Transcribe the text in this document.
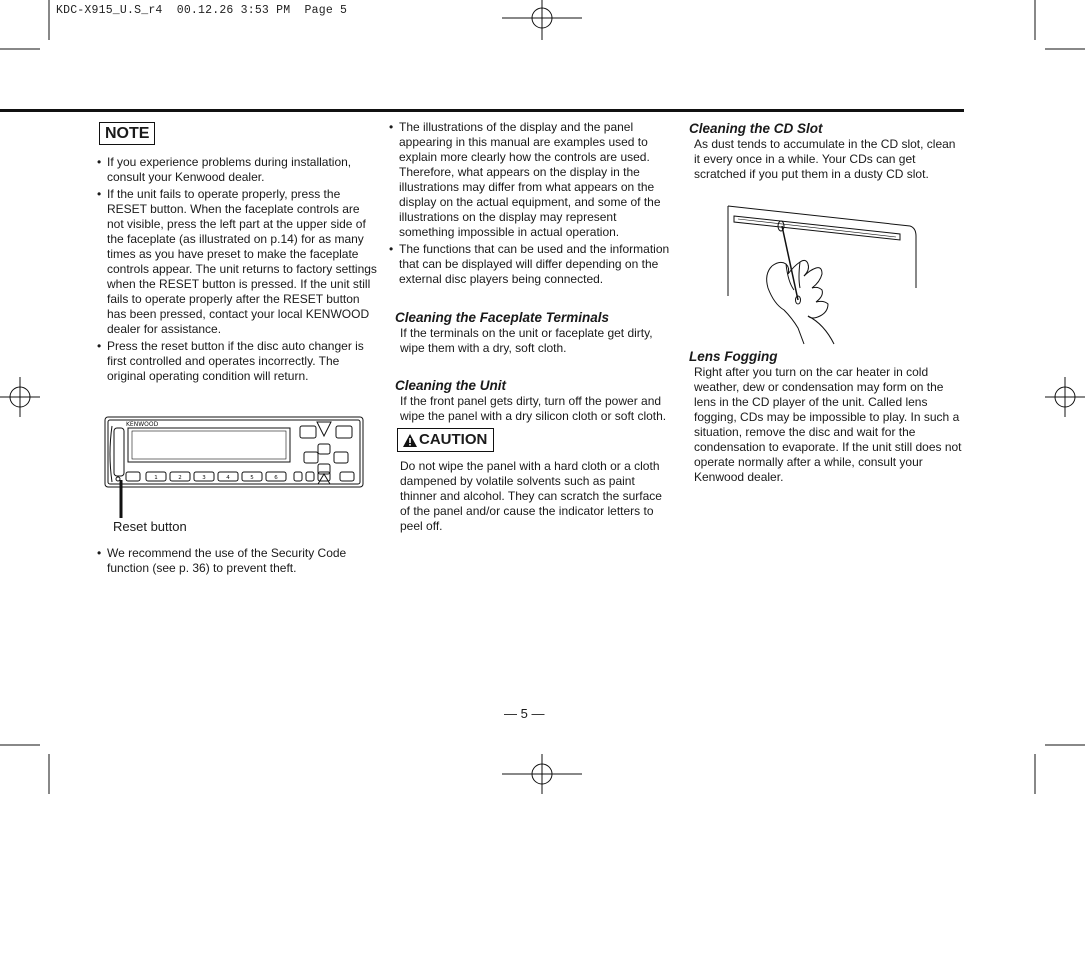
KDC-X915_U.S_r4  00.12.26 3:53 PM  Page 5
NOTE
• If you experience problems during installation, consult your Kenwood dealer.
• If the unit fails to operate properly, press the RESET button. When the faceplate controls are not visible, press the left part at the upper side of the faceplate (as illustrated on p.14) for as many times as you have preset to make the faceplate controls appear. The unit returns to factory settings when the RESET button is pressed. If the unit still fails to operate properly after the RESET button has been pressed, contact your local KENWOOD dealer for assistance.
• Press the reset button if the disc auto changer is first controlled and operates incorrectly. The original operating condition will return.
KENWOOD
1	2	3	4	5	6
Reset button
• We recommend the use of the Security Code function (see p. 36) to prevent theft.
• The illustrations of the display and the panel appearing in this manual are examples used to explain more clearly how the controls are used. Therefore, what appears on the display in the illustrations may differ from what appears on the display on the actual equipment, and some of the illustrations on the display may represent something impossible in actual operation.
• The functions that can be used and the information that can be displayed will differ depending on the external disc players being connected.

Cleaning the Faceplate Terminals

If the terminals on the unit or faceplate get dirty, wipe them with a dry, soft cloth.

Cleaning the Unit

If the front panel gets dirty, turn off the power and wipe the panel with a dry silicon cloth or soft cloth.

CAUTION

Do not wipe the panel with a hard cloth or a cloth dampened by volatile solvents such as paint thinner and alcohol. They can scratch the surface of the panel and/or cause the indicator letters to peel off.

Cleaning the CD Slot

As dust tends to accumulate in the CD slot, clean it every once in a while. Your CDs can get scratched if you put them in a dusty CD slot.

Lens Fogging

Right after you turn on the car heater in cold weather, dew or condensation may form on the lens in the CD player of the unit. Called lens fogging, CDs may be impossible to play. In such a situation, remove the disc and wait for the condensation to evaporate. If the unit still does not operate normally after a while, consult your Kenwood dealer.

— 5 —
